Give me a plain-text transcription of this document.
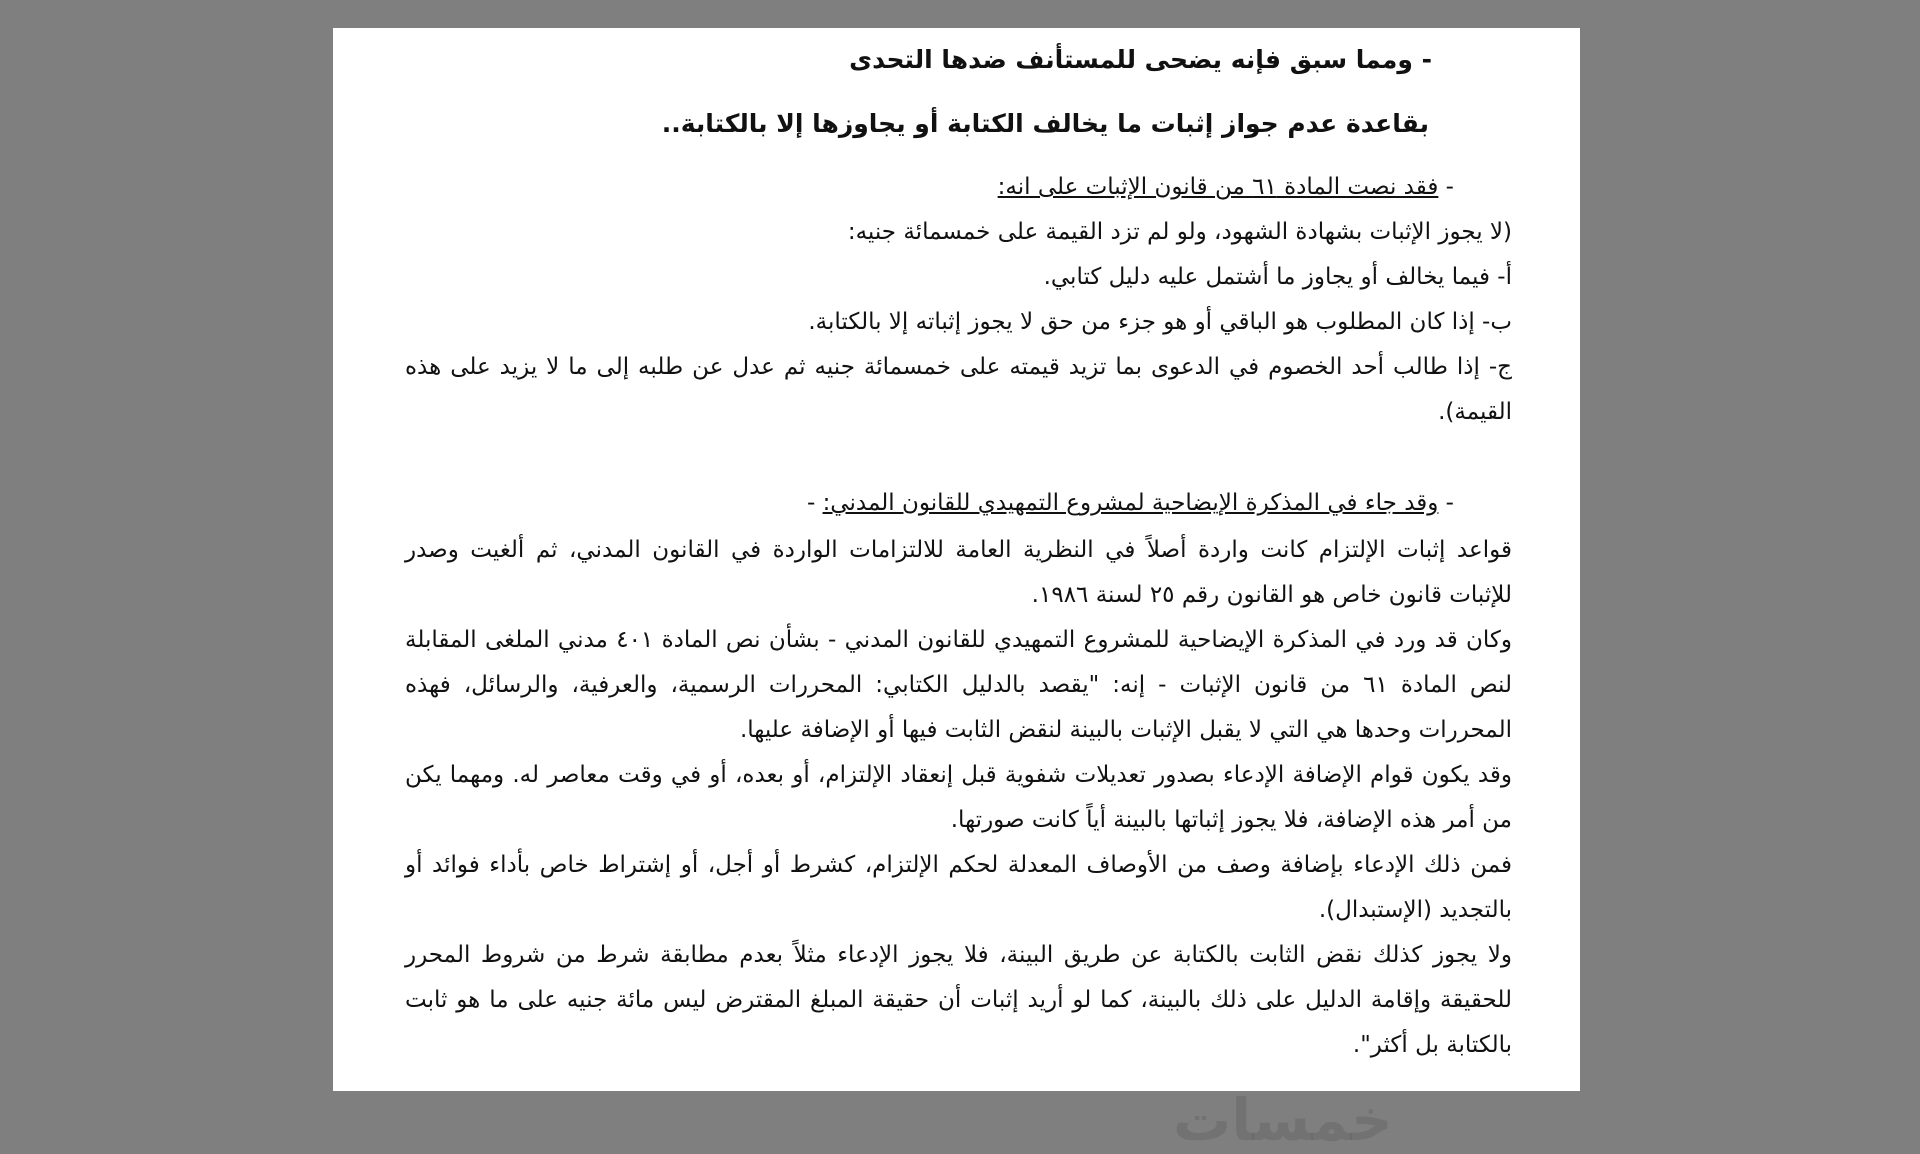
- ومما سبق فإنه يضحى للمستأنف ضدها التحدى
بقاعدة عدم جواز إثبات ما يخالف الكتابة أو يجاوزها إلا بالكتابة..
- فقد نصت المادة ٦١ من قانون الإثبات على انه:

(لا يجوز الإثبات بشهادة الشهود، ولو لم تزد القيمة على خمسمائة جنيه:

أ- فيما يخالف أو يجاوز ما أشتمل عليه دليل كتابي.

ب- إذا كان المطلوب هو الباقي أو هو جزء من حق لا يجوز إثباته إلا بالكتابة.

ج- إذا طالب أحد الخصوم في الدعوى بما تزيد قيمته على خمسمائة جنيه ثم عدل عن طلبه إلى ما لا يزيد على هذه القيمة).

- وقد جاء في المذكرة الإيضاحية لمشروع التمهيدي للقانون المدني: -

قواعد إثبات الإلتزام كانت واردة أصلاً في النظرية العامة للالتزامات الواردة في القانون المدني، ثم ألغيت وصدر للإثبات قانون خاص هو القانون رقم ٢٥ لسنة ١٩٨٦.

وكان قد ورد في المذكرة الإيضاحية للمشروع التمهيدي للقانون المدني - بشأن نص المادة ٤٠١ مدني الملغى المقابلة لنص المادة ٦١ من قانون الإثبات - إنه: "يقصد بالدليل الكتابي: المحررات الرسمية، والعرفية، والرسائل، فهذه المحررات وحدها هي التي لا يقبل الإثبات بالبينة لنقض الثابت فيها أو الإضافة عليها.

وقد يكون قوام الإضافة الإدعاء بصدور تعديلات شفوية قبل إنعقاد الإلتزام، أو بعده، أو في وقت معاصر له. ومهما يكن من أمر هذه الإضافة، فلا يجوز إثباتها بالبينة أياً كانت صورتها.

فمن ذلك الإدعاء بإضافة وصف من الأوصاف المعدلة لحكم الإلتزام، كشرط أو أجل، أو إشتراط خاص بأداء فوائد أو بالتجديد (الإستبدال).

ولا يجوز كذلك نقض الثابت بالكتابة عن طريق البينة، فلا يجوز الإدعاء مثلاً بعدم مطابقة شرط من شروط المحرر للحقيقة وإقامة الدليل على ذلك بالبينة، كما لو أريد إثبات أن حقيقة المبلغ المقترض ليس مائة جنيه على ما هو ثابت بالكتابة بل أكثر".

خمسات
